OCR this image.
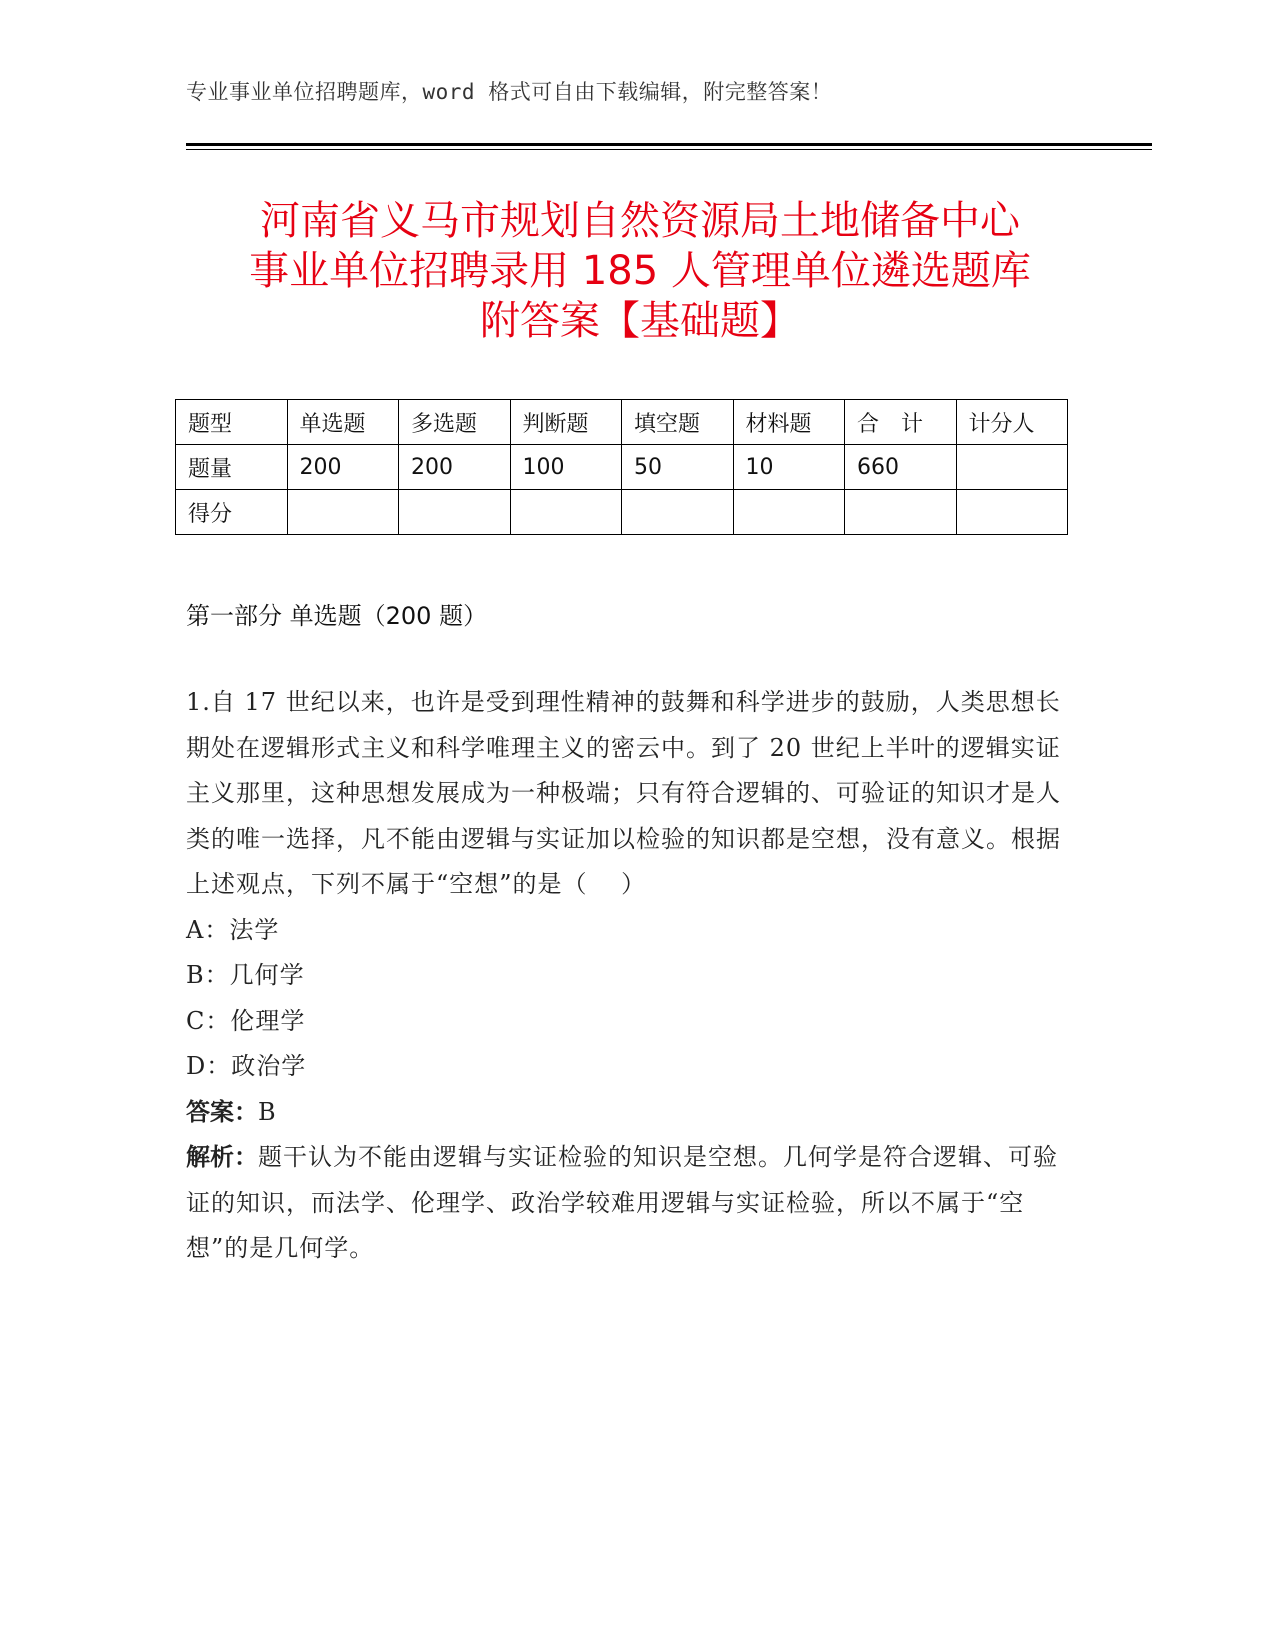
专业事业单位招聘题库，word 格式可自由下载编辑，附完整答案！
河南省义马市规划自然资源局土地储备中心
事业单位招聘录用 185 人管理单位遴选题库
附答案【基础题】
题型	单选题	多选题	判断题	填空题	材料题	合　计	计分人
题量	200	200	100	50	10	660	
得分							
第一部分 单选题（200 题）

1.自 17 世纪以来，也许是受到理性精神的鼓舞和科学进步的鼓励，人类思想长期处在逻辑形式主义和科学唯理主义的密云中。到了 20 世纪上半叶的逻辑实证主义那里，这种思想发展成为一种极端；只有符合逻辑的、可验证的知识才是人类的唯一选择，凡不能由逻辑与实证加以检验的知识都是空想，没有意义。根据上述观点，下列不属于“空想”的是（　 ）

A：法学

B：几何学

C：伦理学

D：政治学

答案：B

解析：题干认为不能由逻辑与实证检验的知识是空想。几何学是符合逻辑、可验证的知识，而法学、伦理学、政治学较难用逻辑与实证检验，所以不属于“空想”的是几何学。
